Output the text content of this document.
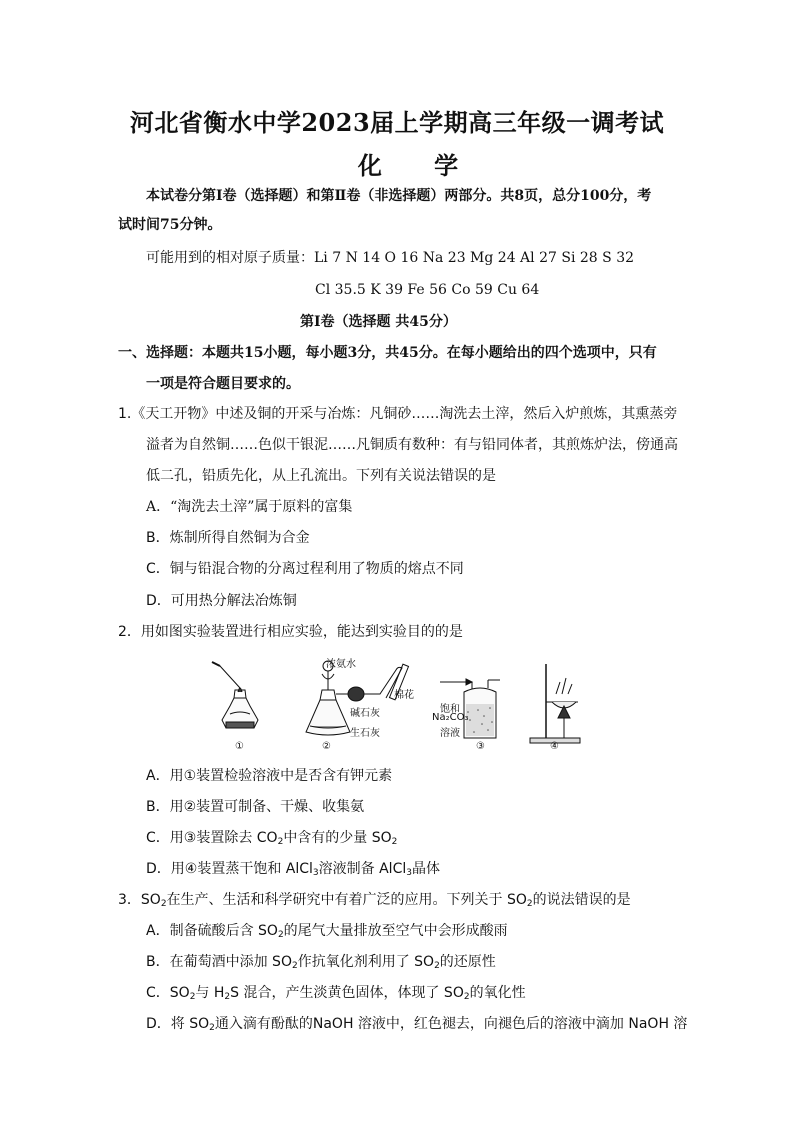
河北省衡水中学2023届上学期高三年级一调考试
化 学
本试卷分第Ⅰ卷（选择题）和第Ⅱ卷（非选择题）两部分。共8页，总分100分，考
试时间75分钟。
可能用到的相对原子质量：Li 7 N 14 O 16 Na 23 Mg 24 Al 27 Si 28 S 32
Cl 35.5 K 39 Fe 56 Co 59 Cu 64
第Ⅰ卷（选择题 共45分）
一、选择题：本题共15小题，每小题3分，共45分。在每小题给出的四个选项中，只有
一项是符合题目要求的。
1.《天工开物》中述及铜的开采与冶炼：凡铜砂……淘洗去土滓，然后入炉煎炼，其熏蒸旁
溢者为自然铜……色似干银泥……凡铜质有数种：有与铅同体者，其煎炼炉法，傍通高
低二孔，铅质先化，从上孔流出。下列有关说法错误的是
A．“淘洗去土滓”属于原料的富集
B．炼制所得自然铜为合金
C．铜与铅混合物的分离过程利用了物质的熔点不同
D．可用热分解法冶炼铜
2．用如图实验装置进行相应实验，能达到实验目的的是
浓氨水
棉花
碱石灰
生石灰
饱和
Na₂CO₃
溶液
①	②	③	④
A．用①装置检验溶液中是否含有钾元素
B．用②装置可制备、干燥、收集氨
C．用③装置除去 $CO_2$中含有的少量 $SO_2$
D．用④装置蒸干饱和 AlCl$_3$溶液制备 AlCl$_3$晶体
3．$SO_2$在生产、生活和科学研究中有着广泛的应用。下列关于 $SO_2$的说法错误的是
A．制备硫酸后含 $SO_2$的尾气大量排放至空气中会形成酸雨
B．在葡萄酒中添加 $SO_2$作抗氧化剂利用了 $SO_2$的还原性
C．$SO_2$与 $H_2S$ 混合，产生淡黄色固体，体现了 $SO_2$的氧化性
D．将 $SO_2$通入滴有酚酞的NaOH 溶液中，红色褪去，向褪色后的溶液中滴加 NaOH 溶
